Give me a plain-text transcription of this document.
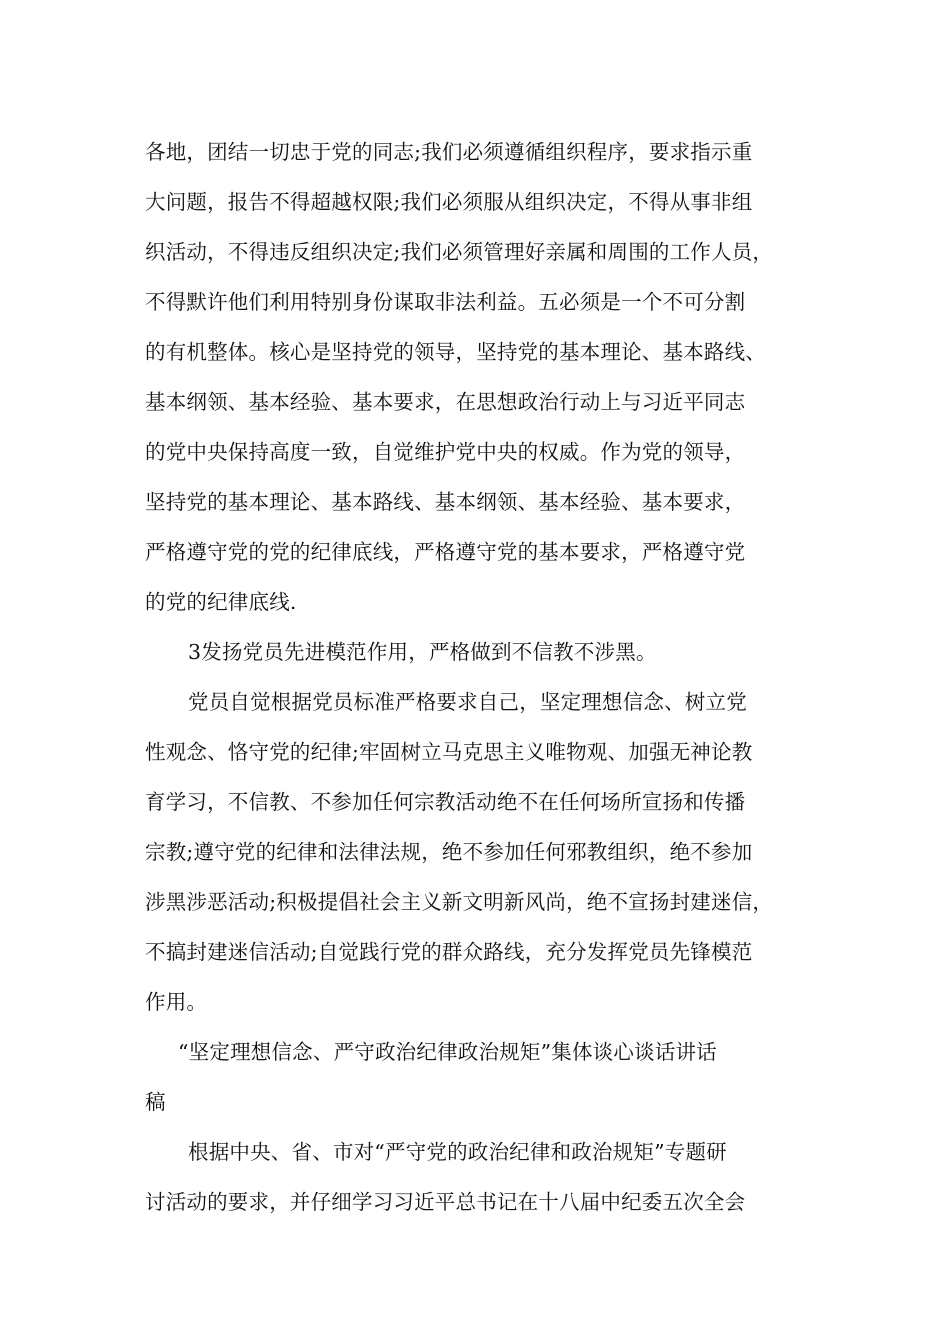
各地，团结一切忠于党的同志;我们必须遵循组织程序，要求指示重

大问题，报告不得超越权限;我们必须服从组织决定，不得从事非组

织活动，不得违反组织决定;我们必须管理好亲属和周围的工作人员，

不得默许他们利用特别身份谋取非法利益。五必须是一个不可分割

的有机整体。核心是坚持党的领导，坚持党的基本理论、基本路线、

基本纲领、基本经验、基本要求，在思想政治行动上与习近平同志

的党中央保持高度一致，自觉维护党中央的权威。作为党的领导，

坚持党的基本理论、基本路线、基本纲领、基本经验、基本要求，

严格遵守党的党的纪律底线，严格遵守党的基本要求，严格遵守党

的党的纪律底线.

3发扬党员先进模范作用，严格做到不信教不涉黑。

党员自觉根据党员标准严格要求自己，坚定理想信念、树立党

性观念、恪守党的纪律;牢固树立马克思主义唯物观、加强无神论教

育学习，不信教、不参加任何宗教活动绝不在任何场所宣扬和传播

宗教;遵守党的纪律和法律法规，绝不参加任何邪教组织，绝不参加

涉黑涉恶活动;积极提倡社会主义新文明新风尚，绝不宣扬封建迷信，

不搞封建迷信活动;自觉践行党的群众路线，充分发挥党员先锋模范

作用。

“坚定理想信念、严守政治纪律政治规矩”集体谈心谈话讲话

稿

根据中央、省、市对“严守党的政治纪律和政治规矩”专题研

讨活动的要求，并仔细学习习近平总书记在十八届中纪委五次全会
